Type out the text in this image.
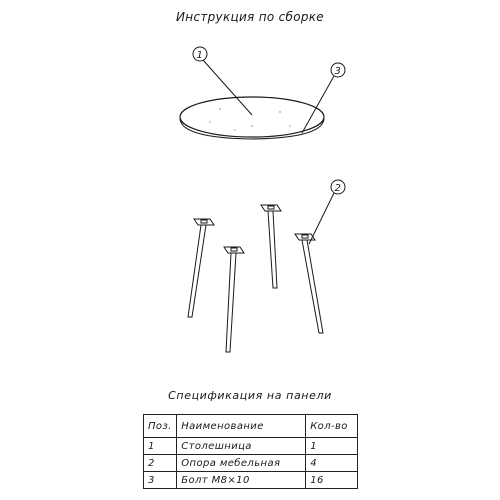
Инструкция по сборке
1
3
2
Спецификация на панели
Поз.	Наименование	Кол-во
1	Столешница	1
2	Опора мебельная	4
3	Болт М8×10	16
